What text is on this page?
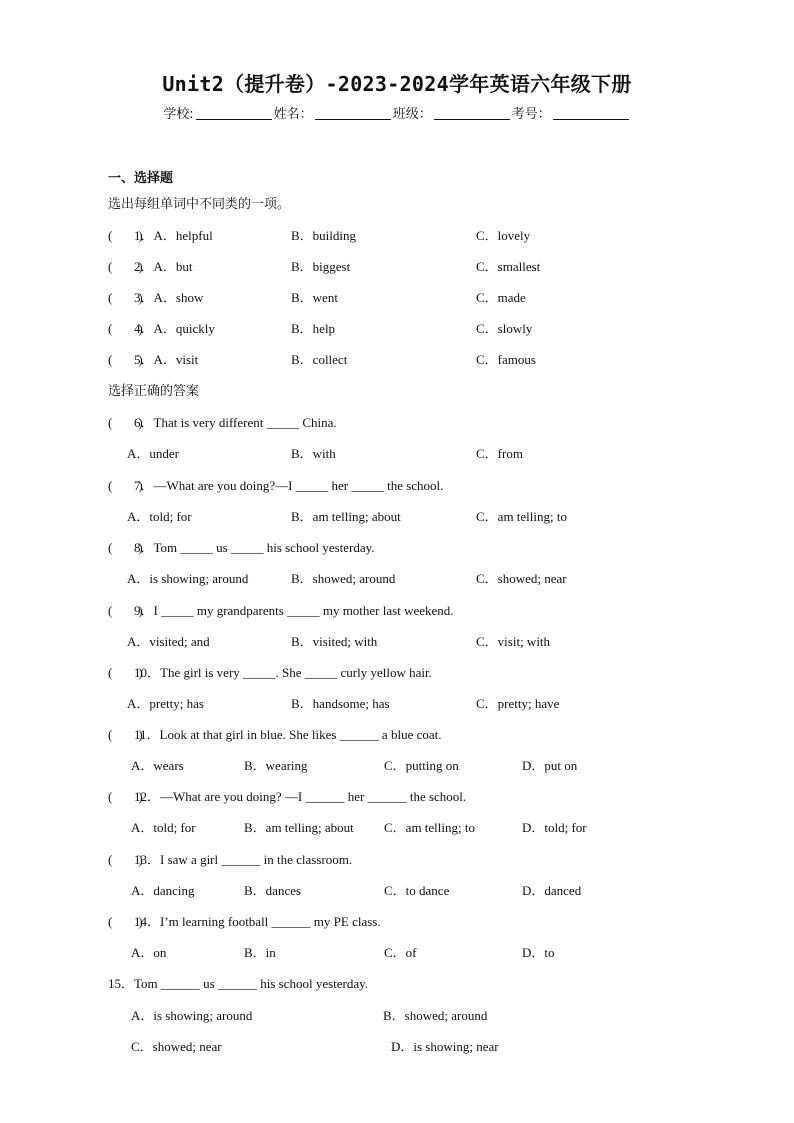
Unit2（提升卷）-2023-2024学年英语六年级下册
学校:	姓名：	班级：	考号：
一、选择题
选出每组单词中不同类的一项。
(　　)
1．A．helpful	B．building	C．lovely
(　　)
2．A．but	B．biggest	C．smallest
(　　)
3．A．show	B．went	C．made
(　　)
4．A．quickly	B．help	C．slowly
(　　)
5．A．visit	B．collect	C．famous
选择正确的答案
(　　)
6．That is very different _____ China.
A．under	B．with	C．from
(　　)
7．—What are you doing?—I _____ her _____ the school.
A．told; for	B．am telling; about	C．am telling; to
(　　)
8．Tom _____ us _____ his school yesterday.
A．is showing; around	B．showed; around	C．showed; near
(　　)
9．I _____ my grandparents _____ my mother last weekend.
A．visited; and	B．visited; with	C．visit; with
(　　)
10．The girl is very _____. She _____ curly yellow hair.
A．pretty; has	B．handsome; has	C．pretty; have
(　　)
11．Look at that girl in blue. She likes ______ a blue coat.
A．wears	B．wearing	C．putting on	D．put on
(　　)
12．—What are you doing? —I ______ her ______ the school.
A．told; for	B．am telling; about C．am telling; to	D．told; for
(　　)
13．I saw a girl ______ in the classroom.
A．dancing	B．dances	C．to dance	D．danced
(　　)
14．I’m learning football ______ my PE class.
A．on	B．in	C．of	D．to
15．Tom ______ us ______ his school yesterday.
A．is showing; around	B．showed; around
C．showed; near	D．is showing; near
